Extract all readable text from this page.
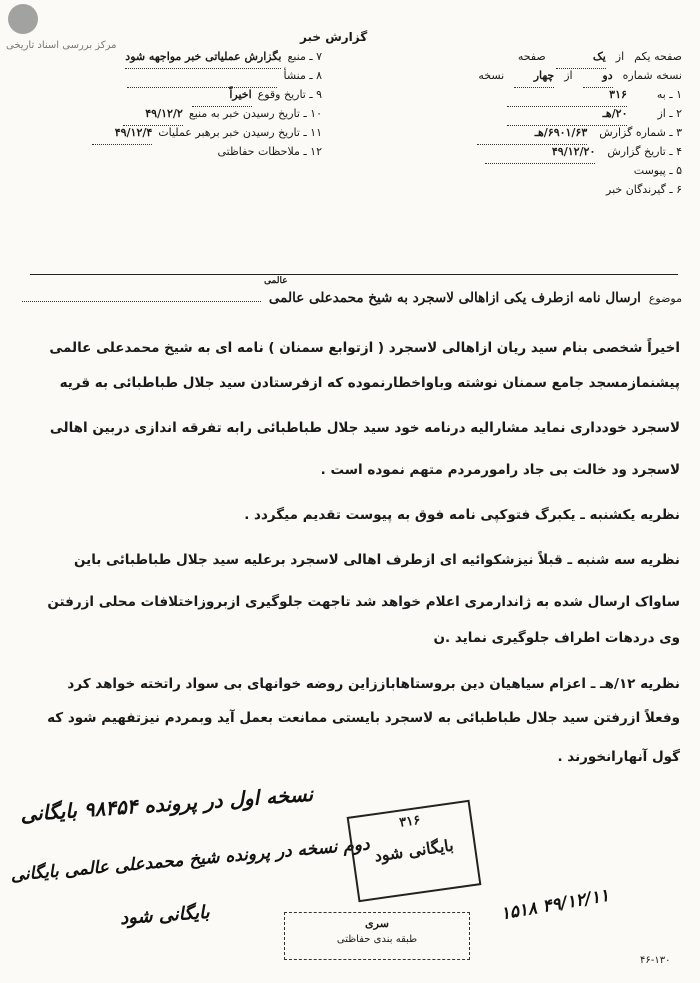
مرکز بررسی اسناد تاریخی
گزارش خبر
صفحه یکم
از
یک
صفحه
نسخه شماره
دو
از
چهار
نسخه
۱ ـ به
۳۱۶
۲ ـ از
۲۰/هـ
۳ ـ شماره گزارش
۶۹۰۱/۶۳/هـ
۴ ـ تاریخ گزارش
۴۹/۱۲/۲۰
۵ ـ پیوست
۶ ـ گیرندگان خبر
۷ ـ منبع
بگزارش عملیاتی خبر مواجهه شود
۸ ـ منشأ
۹ ـ تاریخ وقوع
اخیراً
۱۰ ـ تاریخ رسیدن خبر به منبع
۴۹/۱۲/۲
۱۱ ـ تاریخ رسیدن خبر برهبر عملیات
۴۹/۱۲/۴
۱۲ ـ ملاحظات حفاظتی
موضوع
ارسال نامه ازطرف یکی ازاهالی لاسجرد به شیخ محمدعلی عالمی
عالمی
اخیراً شخصی بنام سید ریان ازاهالی لاسجرد ( ازتوابع سمنان ) نامه ای به شیخ محمدعلی عالمی
پیشنمازمسجد جامع سمنان نوشته وباواخطارنموده که ازفرستادن سید جلال طباطبائی به قریه
لاسجرد خودداری نماید مشارالیه درنامه خود سید جلال طباطبائی رابه تفرقه اندازی دربین اهالی
لاسجرد ود خالت بی جاد رامورمردم متهم نموده است .
نظریه یکشنبه ـ یکبرگ فتوکپی نامه فوق به پیوست تقدیم میگردد .
نظریه سه شنبه ـ قبلاً نیزشکوائیه ای ازطرف اهالی لاسجرد برعلیه سید جلال طباطبائی باین
ساواک ارسال شده به ژاندارمری اعلام خواهد شد تاجهت جلوگیری ازبروزاختلافات محلی ازرفتن
وی دردهات اطراف جلوگیری نماید .ن
نظریه ۱۲/هـ ـ اعزام سیاهیان دین بروستاهاباززاین روضه خوانهای بی سواد راتخته خواهد کرد
وفعلاً ازرفتن سید جلال طباطبائی به لاسجرد بایستی ممانعت بعمل آید وبمردم نیزتفهیم شود که
گول آنهارانخورند .
نسخه اول در پرونده ۹۸۴۵۴ بایگانی
دوم نسخه در پرونده شیخ محمدعلی عالمی بایگانی
بایگانی شود	۴۹/۱۲/۱۱ ۱۵۱۸
۳۱۶
بایگانی شود
سری
طبقه بندی حفاظتی
۴۶-۱۳۰
